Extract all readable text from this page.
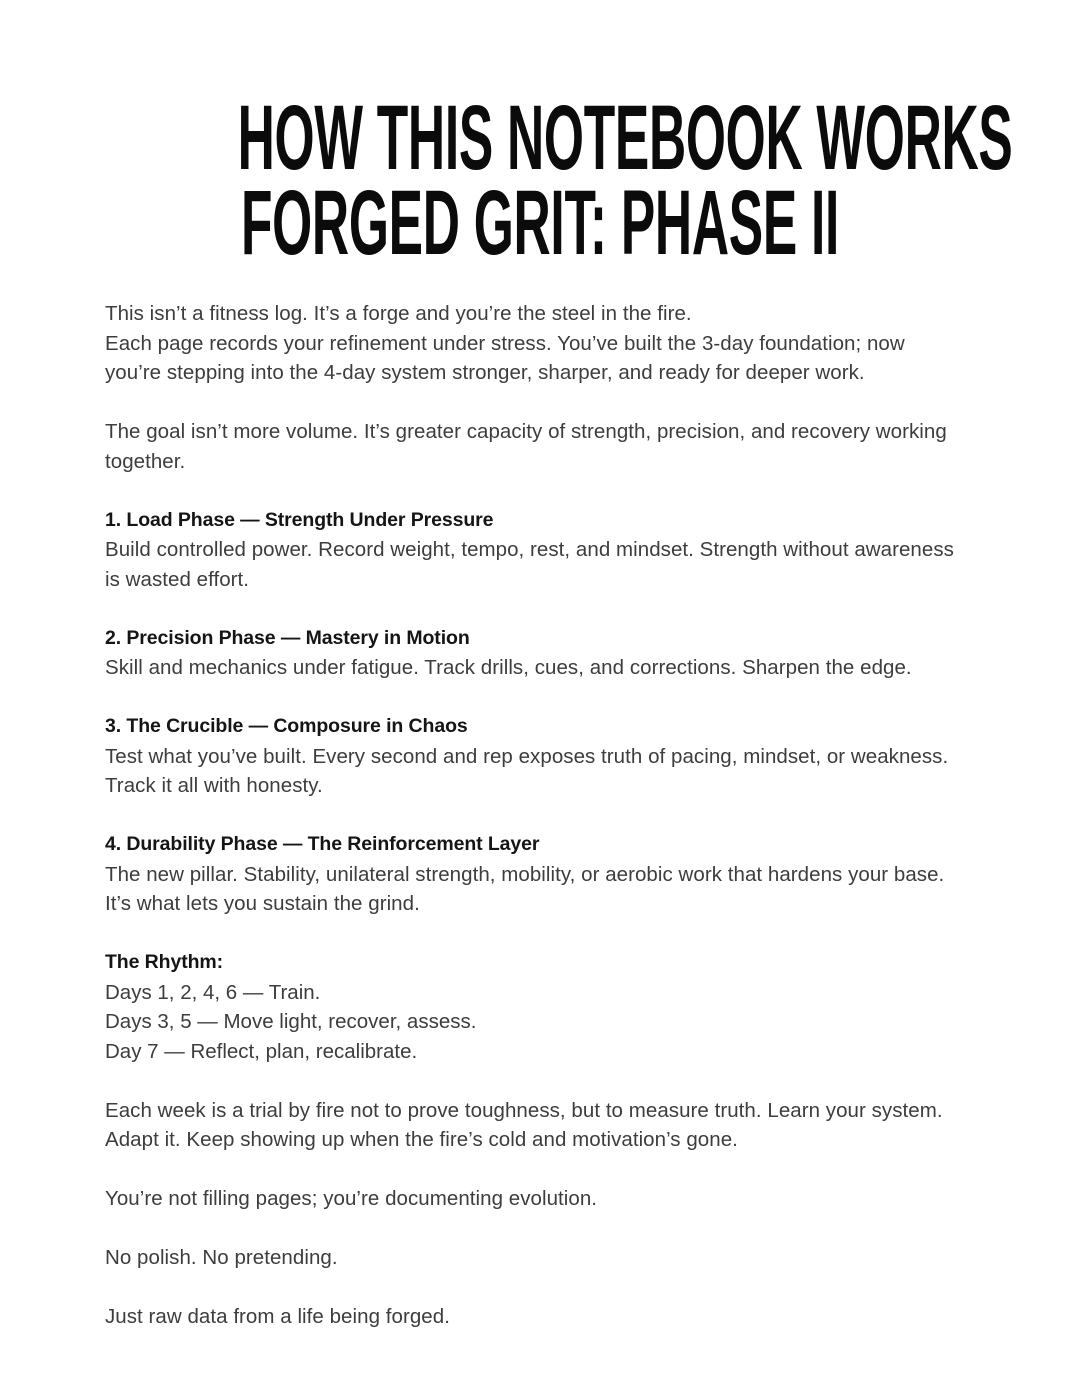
HOW THIS NOTEBOOK WORKS
FORGED GRIT: PHASE II

This isn’t a fitness log. It’s a forge and you’re the steel in the fire.

Each page records your refinement under stress. You’ve built the 3-day foundation; now you’re stepping into the 4-day system stronger, sharper, and ready for deeper work.

The goal isn’t more volume. It’s greater capacity of strength, precision, and recovery working together.

1. Load Phase — Strength Under Pressure

Build controlled power. Record weight, tempo, rest, and mindset. Strength without awareness is wasted effort.

2. Precision Phase — Mastery in Motion

Skill and mechanics under fatigue. Track drills, cues, and corrections. Sharpen the edge.

3. The Crucible — Composure in Chaos

Test what you’ve built. Every second and rep exposes truth of pacing, mindset, or weakness. Track it all with honesty.

4. Durability Phase — The Reinforcement Layer

The new pillar. Stability, unilateral strength, mobility, or aerobic work that hardens your base. It’s what lets you sustain the grind.

The Rhythm:

Days 1, 2, 4, 6 — Train.

Days 3, 5 — Move light, recover, assess.

Day 7 — Reflect, plan, recalibrate.

Each week is a trial by fire not to prove toughness, but to measure truth. Learn your system. Adapt it. Keep showing up when the fire’s cold and motivation’s gone.

You’re not filling pages; you’re documenting evolution.

No polish. No pretending.

Just raw data from a life being forged.
